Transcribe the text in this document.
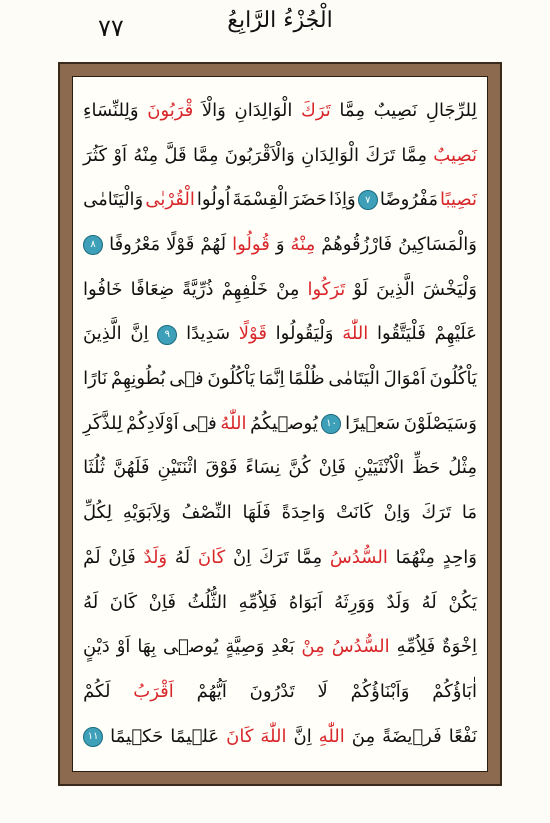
٧٧	الْجُزْءُ الرَّابِعُ
لِلرِّجَالِ
نَصِيبٌ
مِمَّا
تَرَكَ
الْوَالِدَانِ
وَالْاَ
قْرَبُونَ
وَلِلنِّسَاءِ
نَصِيبٌ
مِمَّا
تَرَكَ
الْوَالِدَانِ
وَالْاَقْرَبُونَ
مِمَّا
قَلَّ
مِنْهُ
اَوْ
كَثُرَ
نَصِيبًا
مَفْرُوضًا
٧
وَاِذَا
حَضَرَ
الْقِسْمَةَ
اُولُوا
الْقُرْبٰى
وَالْيَتَامٰى
وَالْمَسَاكِينُ
فَارْزُقُوهُمْ
مِنْهُ
وَ
قُولُوا
لَهُمْ
قَوْلًا
مَعْرُوفًا
٨
وَلْيَخْشَ
الَّذِينَ
لَوْ
تَرَكُوا
مِنْ
خَلْفِهِمْ
ذُرِّيَّةً
ضِعَافًا
خَافُوا
عَلَيْهِمْ
فَلْيَتَّقُوا
اللّٰهَ
وَلْيَقُولُوا
قَوْلًا
سَدِيدًا
٩
اِنَّ
الَّذِينَ
يَاْكُلُونَ
اَمْوَالَ
الْيَتَامٰى
ظُلْمًا
اِنَّمَا
يَاْكُلُونَ
فٖى
بُطُونِهِمْ
نَارًا
وَسَيَصْلَوْنَ
سَعٖيرًا
١٠
يُوصٖيكُمُ
اللّٰهُ
فٖى
اَوْلَادِكُمْ
لِلذَّكَرِ
مِثْلُ
حَظِّ
الْاُنْثَيَيْنِ
فَاِنْ
كُنَّ
نِسَاءً
فَوْقَ
اثْنَتَيْنِ
فَلَهُنَّ
ثُلُثَا
مَا
تَرَكَ
وَاِنْ
كَانَتْ
وَاحِدَةً
فَلَهَا
النِّصْفُ
وَلِاَبَوَيْهِ
لِكُلِّ
وَاحِدٍ
مِنْهُمَا
السُّدُسُ
مِمَّا
تَرَكَ
اِنْ
كَانَ
لَهُ
وَلَدٌ
فَاِنْ
لَمْ
يَكُنْ
لَهُ
وَلَدٌ
وَوَرِثَهُ
اَبَوَاهُ
فَلِاُمِّهِ
الثُّلُثُ
فَاِنْ
كَانَ
لَهُ
اِخْوَةٌ
فَلِاُمِّهِ
السُّدُسُ
مِنْ
بَعْدِ
وَصِيَّةٍ
يُوصٖى
بِهَا
اَوْ
دَيْنٍ
اٰبَاؤُكُمْ
وَاَبْنَاؤُكُمْ
لَا
تَدْرُونَ
اَيُّهُمْ
اَقْرَبُ
لَكُمْ
نَفْعًا
فَرٖيضَةً
مِنَ
اللّٰهِ
اِنَّ
اللّٰهَ
كَانَ
عَلٖيمًا
حَكٖيمًا
١١
